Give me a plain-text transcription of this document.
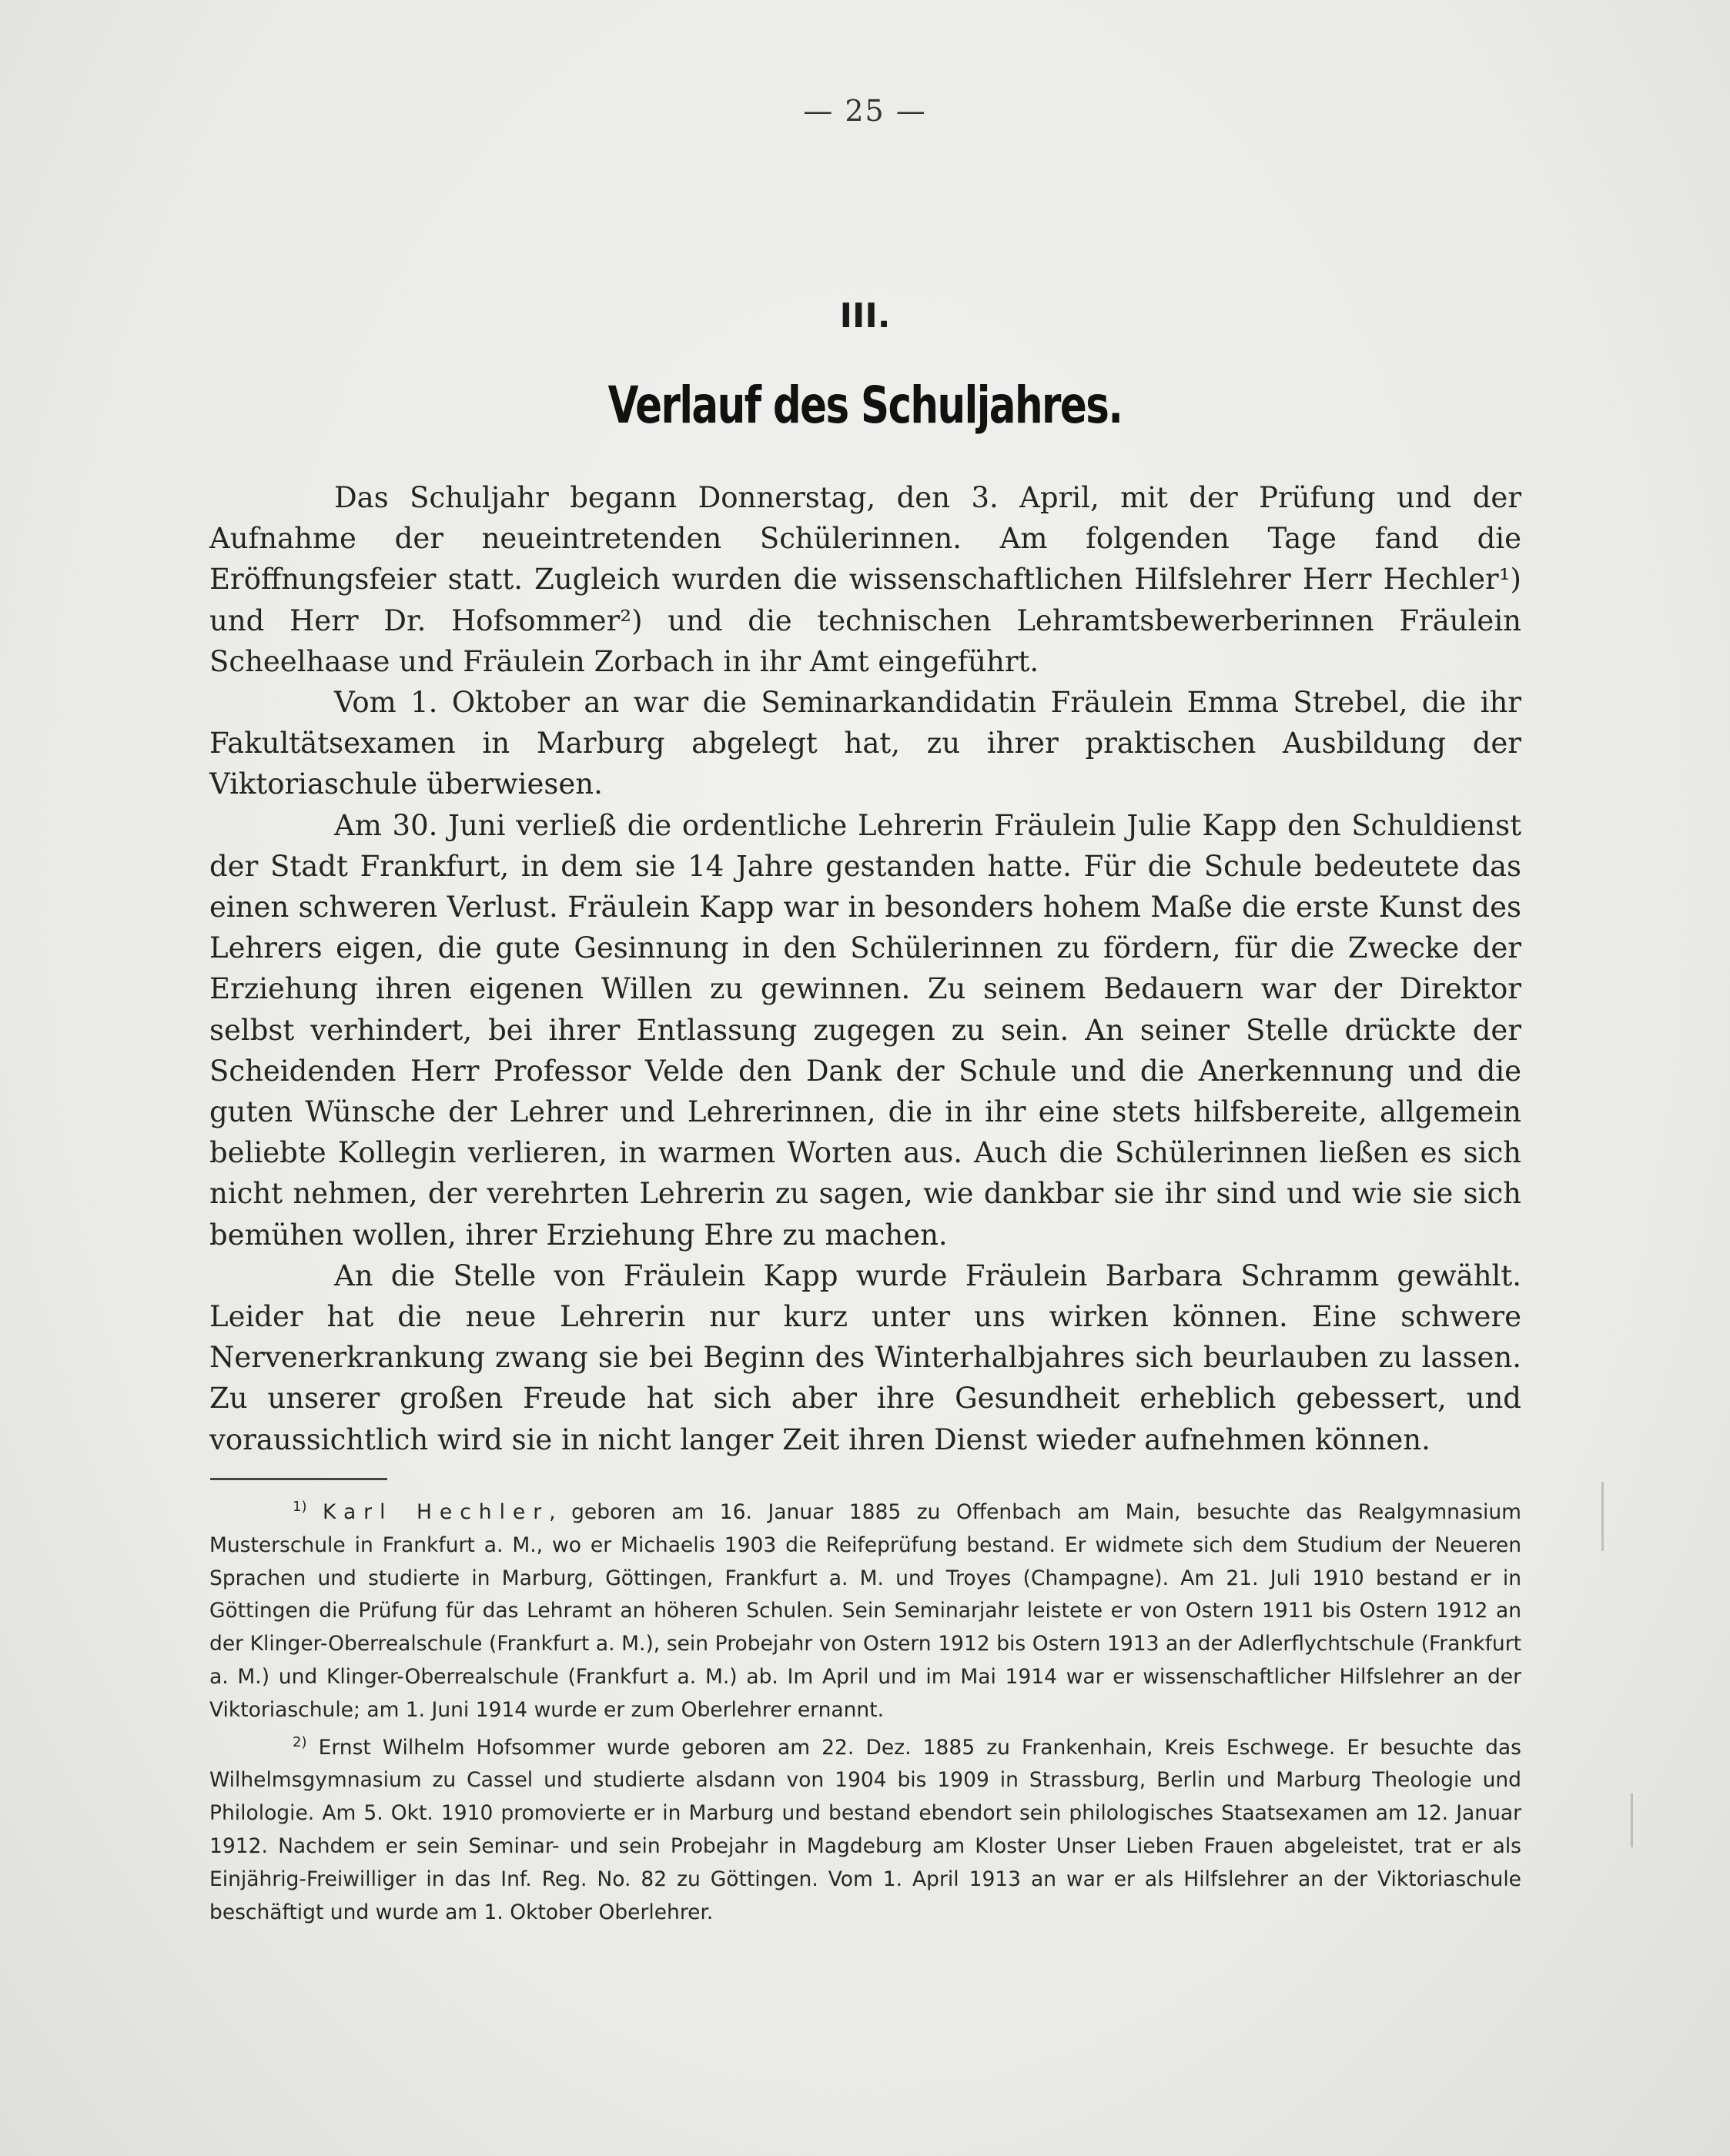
— 25 —
III.
Verlauf des Schuljahres.

Das Schuljahr begann Donnerstag, den 3. April, mit der Prüfung und der Aufnahme der neueintretenden Schülerinnen. Am folgenden Tage fand die Eröffnungsfeier statt. Zugleich wurden die wissenschaftlichen Hilfslehrer Herr Hechler¹) und Herr Dr. Hofsommer²) und die technischen Lehramtsbewerberinnen Fräulein Scheelhaase und Fräulein Zorbach in ihr Amt eingeführt.

Vom 1. Oktober an war die Seminarkandidatin Fräulein Emma Strebel, die ihr Fakultätsexamen in Marburg abgelegt hat, zu ihrer praktischen Ausbildung der Viktoriaschule überwiesen.

Am 30. Juni verließ die ordentliche Lehrerin Fräulein Julie Kapp den Schuldienst der Stadt Frankfurt, in dem sie 14 Jahre gestanden hatte. Für die Schule bedeutete das einen schweren Verlust. Fräulein Kapp war in besonders hohem Maße die erste Kunst des Lehrers eigen, die gute Gesinnung in den Schülerinnen zu fördern, für die Zwecke der Erziehung ihren eigenen Willen zu gewinnen. Zu seinem Bedauern war der Direktor selbst verhindert, bei ihrer Entlassung zugegen zu sein. An seiner Stelle drückte der Scheidenden Herr Professor Velde den Dank der Schule und die Anerkennung und die guten Wünsche der Lehrer und Lehrerinnen, die in ihr eine stets hilfsbereite, allgemein beliebte Kollegin verlieren, in warmen Worten aus. Auch die Schülerinnen ließen es sich nicht nehmen, der verehrten Lehrerin zu sagen, wie dankbar sie ihr sind und wie sie sich bemühen wollen, ihrer Erziehung Ehre zu machen.

An die Stelle von Fräulein Kapp wurde Fräulein Barbara Schramm gewählt. Leider hat die neue Lehrerin nur kurz unter uns wirken können. Eine schwere Nervenerkrankung zwang sie bei Beginn des Winterhalbjahres sich beurlauben zu lassen. Zu unserer großen Freude hat sich aber ihre Gesundheit erheblich gebessert, und voraussichtlich wird sie in nicht langer Zeit ihren Dienst wieder aufnehmen können.

$^{1)}$ Karl Hechler, geboren am 16. Januar 1885 zu Offenbach am Main, besuchte das Realgymnasium Musterschule in Frankfurt a. M., wo er Michaelis 1903 die Reifeprüfung bestand. Er widmete sich dem Studium der Neueren Sprachen und studierte in Marburg, Göttingen, Frankfurt a. M. und Troyes (Champagne). Am 21. Juli 1910 bestand er in Göttingen die Prüfung für das Lehramt an höheren Schulen. Sein Seminarjahr leistete er von Ostern 1911 bis Ostern 1912 an der Klinger-Oberrealschule (Frankfurt a. M.), sein Probejahr von Ostern 1912 bis Ostern 1913 an der Adlerflychtschule (Frankfurt a. M.) und Klinger-Oberrealschule (Frankfurt a. M.) ab. Im April und im Mai 1914 war er wissenschaftlicher Hilfslehrer an der Viktoriaschule; am 1. Juni 1914 wurde er zum Oberlehrer ernannt.

$^{2)}$ Ernst Wilhelm Hofsommer wurde geboren am 22. Dez. 1885 zu Frankenhain, Kreis Eschwege. Er besuchte das Wilhelmsgymnasium zu Cassel und studierte alsdann von 1904 bis 1909 in Strassburg, Berlin und Marburg Theologie und Philologie. Am 5. Okt. 1910 promovierte er in Marburg und bestand ebendort sein philologisches Staatsexamen am 12. Januar 1912. Nachdem er sein Seminar- und sein Probejahr in Magdeburg am Kloster Unser Lieben Frauen abgeleistet, trat er als Einjährig-Freiwilliger in das Inf. Reg. No. 82 zu Göttingen. Vom 1. April 1913 an war er als Hilfslehrer an der Viktoriaschule beschäftigt und wurde am 1. Oktober Oberlehrer.
